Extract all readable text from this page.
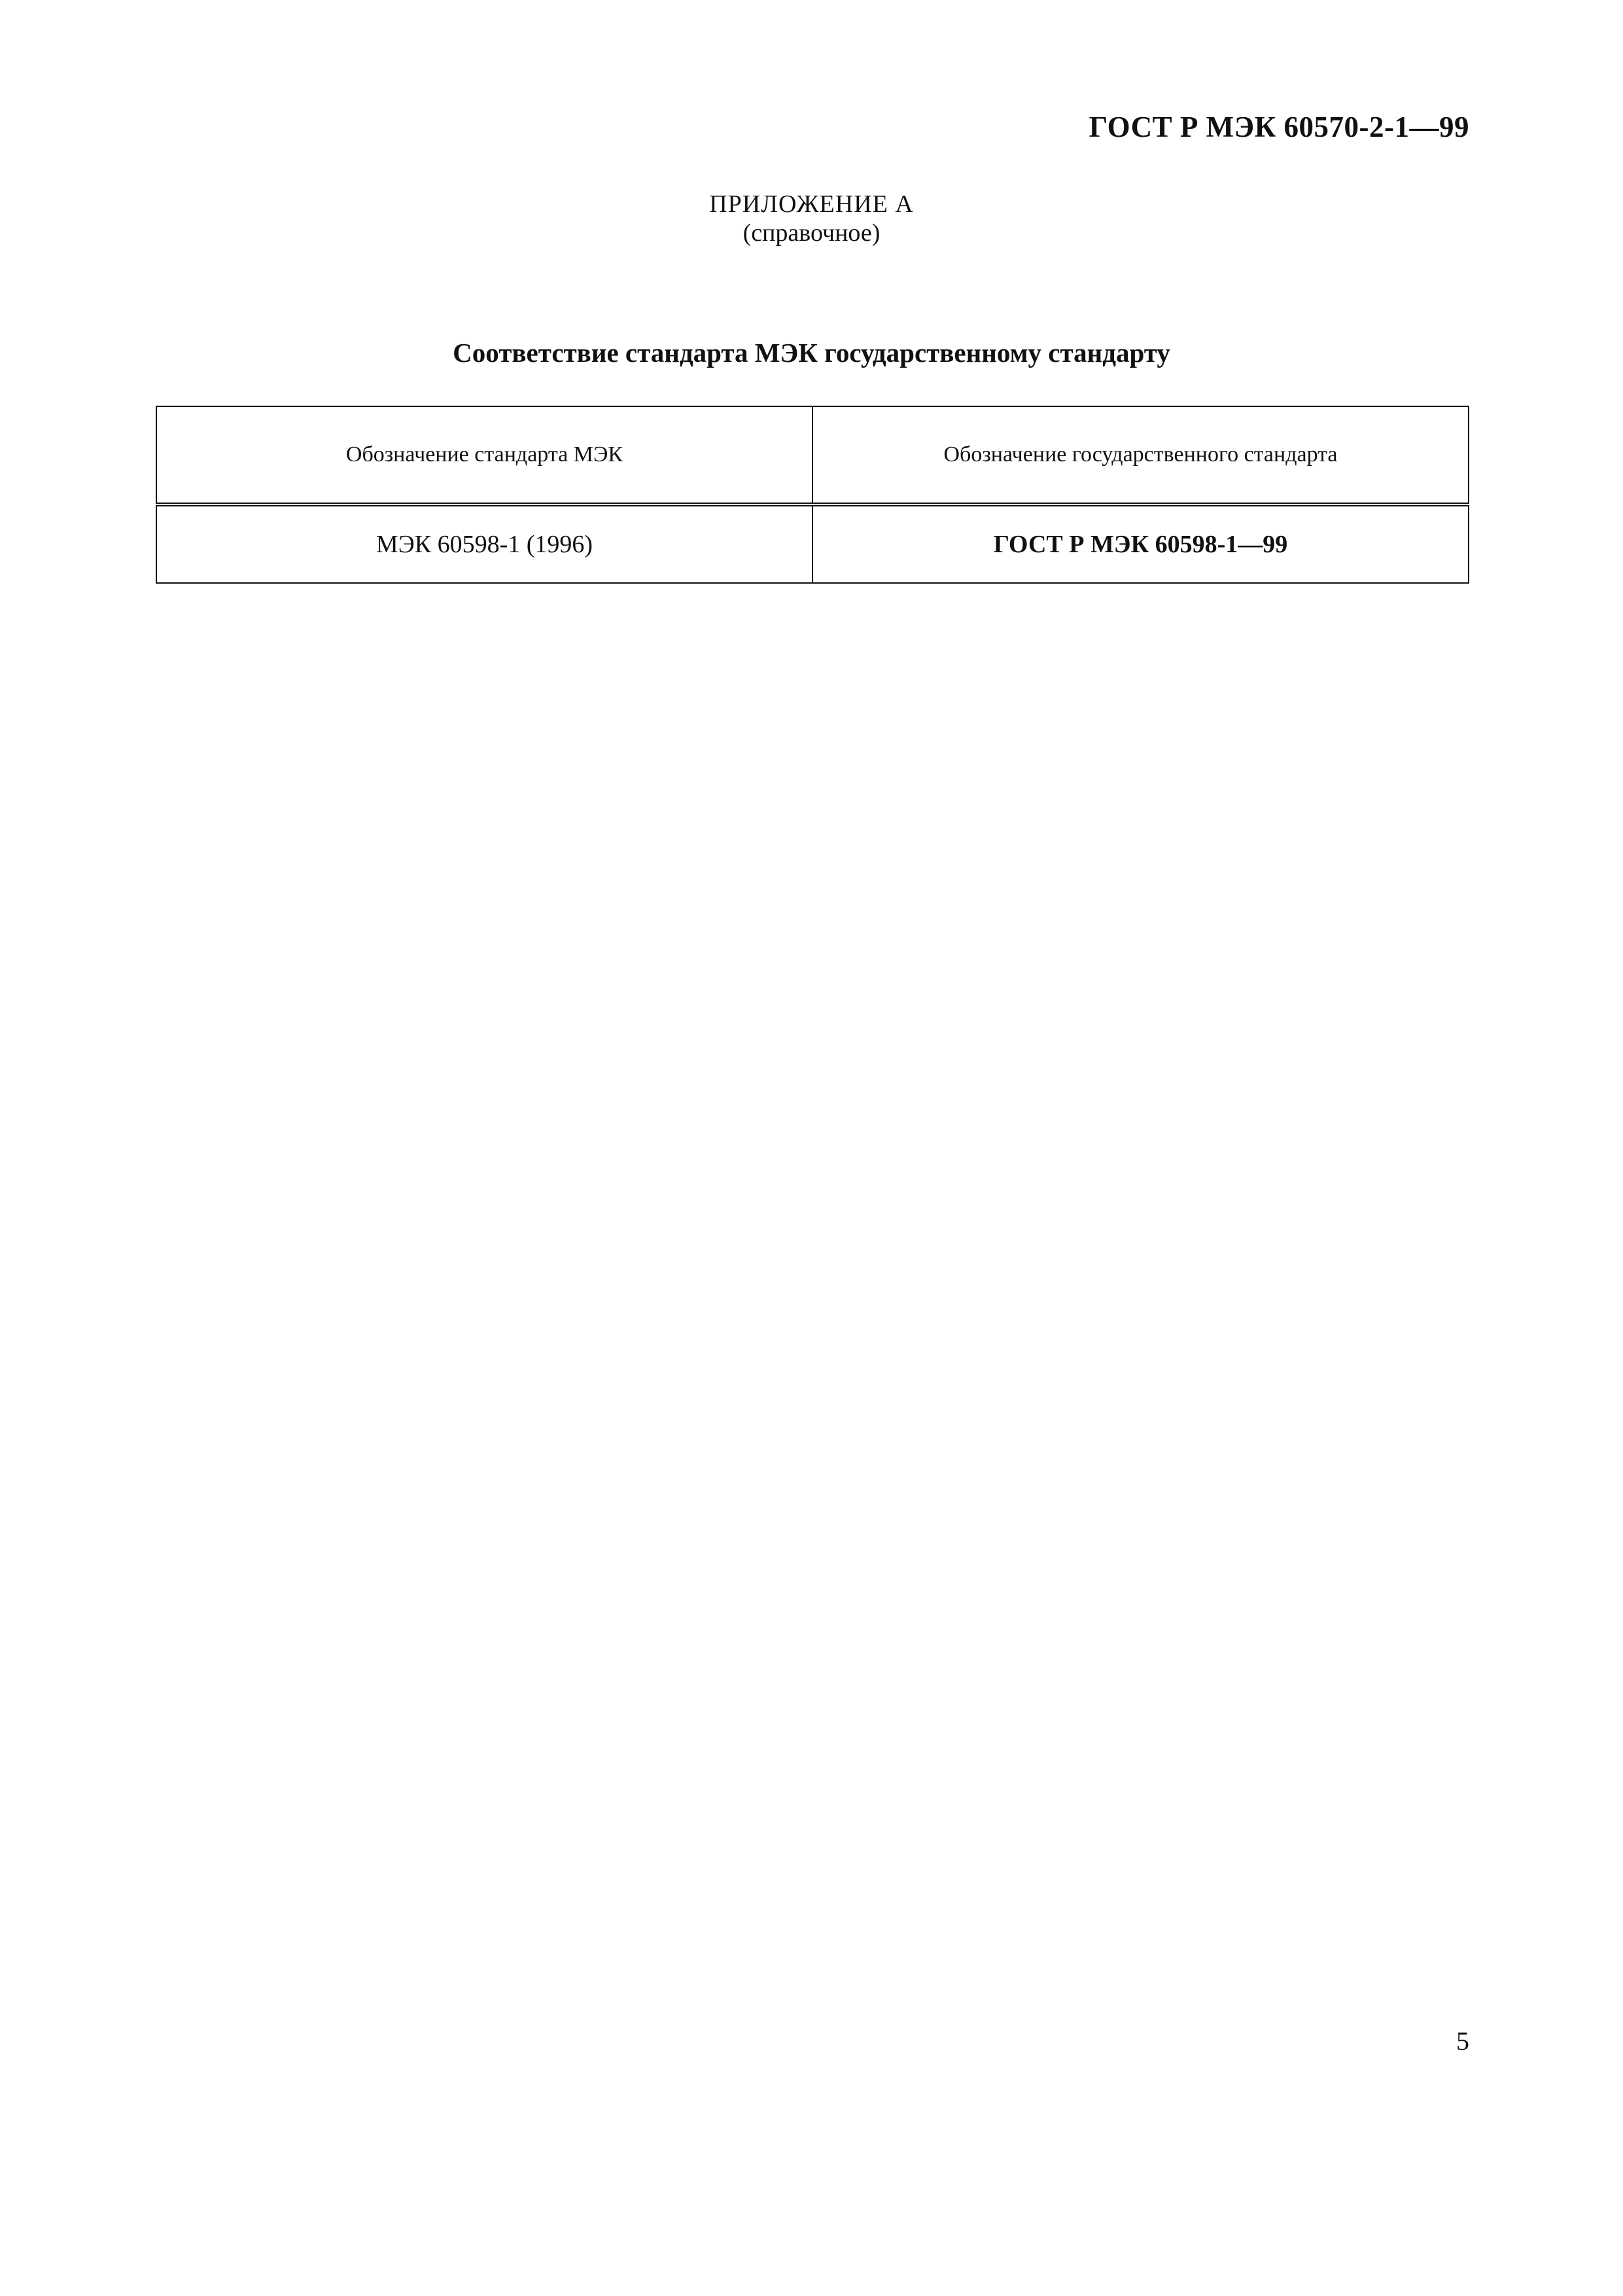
ГОСТ Р МЭК 60570-2-1—99
ПРИЛОЖЕНИЕ А
(справочное)
Соответствие стандарта МЭК государственному стандарту
Обозначение стандарта МЭК	Обозначение государственного стандарта
МЭК 60598-1 (1996)	ГОСТ Р МЭК 60598-1—99
5
